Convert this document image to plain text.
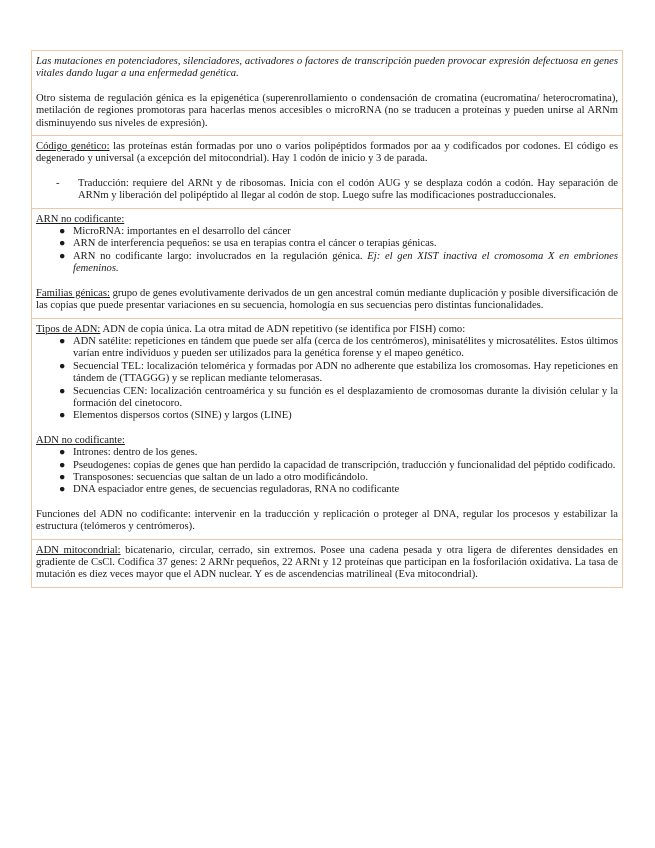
Las mutaciones en potenciadores, silenciadores, activadores o factores de transcripción pueden provocar expresión defectuosa en genes vitales dando lugar a una enfermedad genética.

Otro sistema de regulación génica es la epigenética (superenrollamiento o condensación de cromatina (eucromatina/ heterocromatina), metilación de regiones promotoras para hacerlas menos accesibles o microRNA (no se traducen a proteínas y pueden unirse al ARNm disminuyendo sus niveles de expresión).

Código genético: las proteínas están formadas por uno o varios polipéptidos formados por aa y codificados por codones. El código es degenerado y universal (a excepción del mitocondrial). Hay 1 codón de inicio y 3 de parada.

- Traducción: requiere del ARNt y de ribosomas. Inicia con el codón AUG y se desplaza codón a codón. Hay separación de ARNm y liberación del polipéptido al llegar al codón de stop. Luego sufre las modificaciones postraduccionales.

ARN no codificante:

● MicroRNA: importantes en el desarrollo del cáncer
● ARN de interferencia pequeños: se usa en terapias contra el cáncer o terapias génicas.
● ARN no codificante largo: involucrados en la regulación génica. Ej: el gen XIST inactiva el cromosoma X en embriones femeninos.

Familias génicas: grupo de genes evolutivamente derivados de un gen ancestral común mediante duplicación y posible diversificación de las copias que puede presentar variaciones en su secuencia, homología en sus secuencias pero distintas funcionalidades.

Tipos de ADN: ADN de copia única. La otra mitad de ADN repetitivo (se identifica por FISH) como:

● ADN satélite: repeticiones en tándem que puede ser alfa (cerca de los centrómeros), minisatélites y microsatélites. Estos últimos varían entre individuos y pueden ser utilizados para la genética forense y el mapeo genético.
● Secuencial TEL: localización telomérica y formadas por ADN no adherente que estabiliza los cromosomas. Hay repeticiones en tándem de (TTAGGG) y se replican mediante telomerasas.
● Secuencias CEN: localización centroamérica y su función es el desplazamiento de cromosomas durante la división celular y la formación del cinetocoro.
● Elementos dispersos cortos (SINE) y largos (LINE)

ADN no codificante:

● Intrones: dentro de los genes.
● Pseudogenes: copias de genes que han perdido la capacidad de transcripción, traducción y funcionalidad del péptido codificado.
● Transposones: secuencias que saltan de un lado a otro modificándolo.
● DNA espaciador entre genes, de secuencias reguladoras, RNA no codificante

Funciones del ADN no codificante: intervenir en la traducción y replicación o proteger al DNA, regular los procesos y estabilizar la estructura (telómeros y centrómeros).

ADN mitocondrial: bicatenario, circular, cerrado, sin extremos. Posee una cadena pesada y otra ligera de diferentes densidades en gradiente de CsCl. Codifica 37 genes: 2 ARNr pequeños, 22 ARNt y 12 proteínas que participan en la fosforilación oxidativa. La tasa de mutación es diez veces mayor que el ADN nuclear. Y es de ascendencias matrilineal (Eva mitocondrial).
